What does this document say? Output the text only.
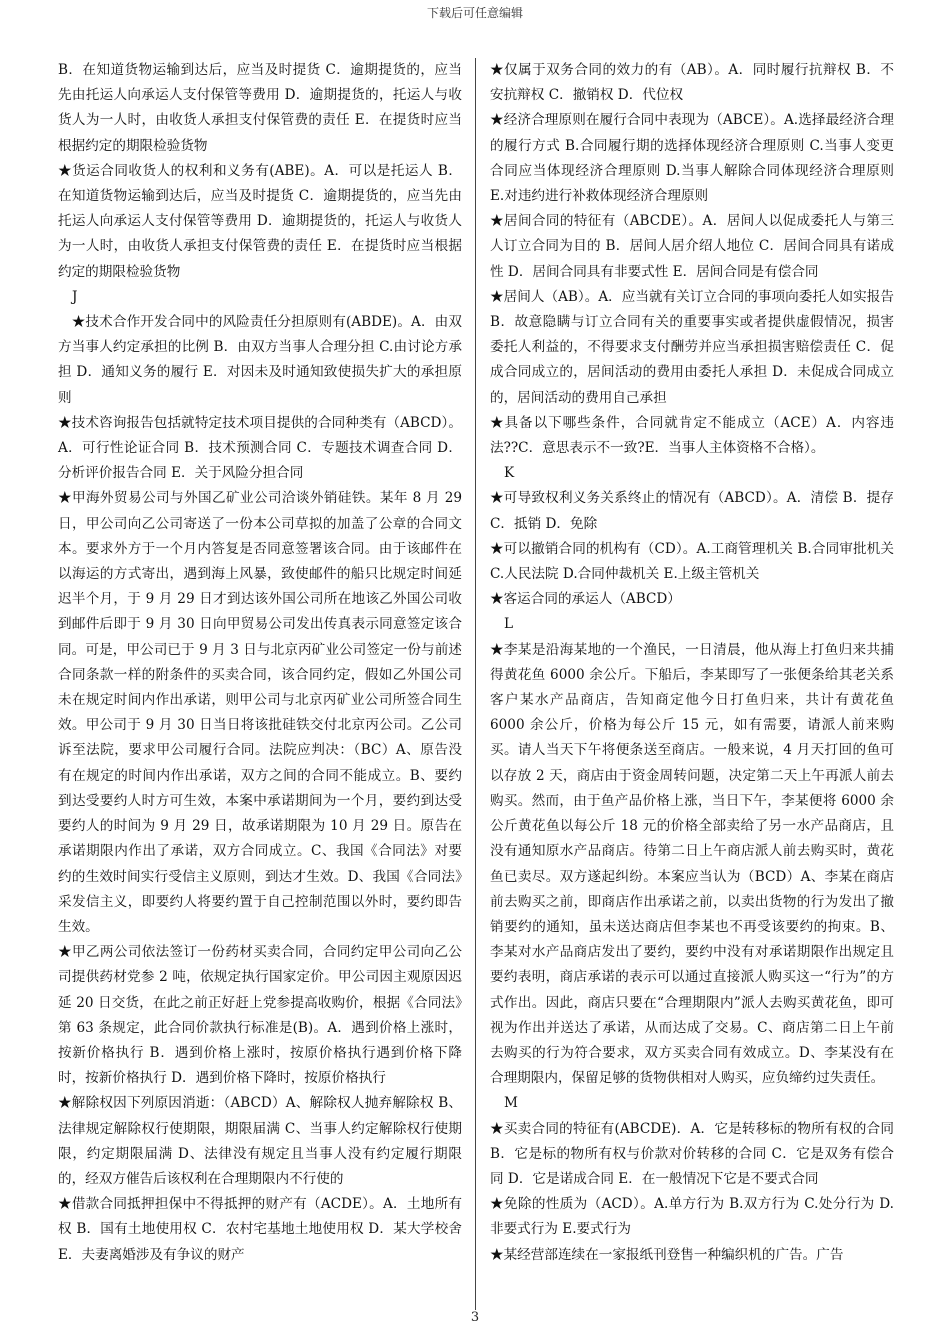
下载后可任意编辑

B．在知道货物运输到达后，应当及时提货 C．逾期提货的，应当先由托运人向承运人支付保管等费用 D．逾期提货的，托运人与收货人为一人时，由收货人承担支付保管费的责任 E．在提货时应当根据约定的期限检验货物

★货运合同收货人的权利和义务有(ABE)。A．可以是托运人 B．在知道货物运输到达后，应当及时提货 C．逾期提货的，应当先由托运人向承运人支付保管等费用 D．逾期提货的，托运人与收货人为一人时，由收货人承担支付保管费的责任 E．在提货时应当根据约定的期限检验货物

J

　★技术合作开发合同中的风险责任分担原则有(ABDE)。A．由双方当事人约定承担的比例 B．由双方当事人合理分担 C.由讨论方承担 D．通知义务的履行 E．对因未及时通知致使损失扩大的承担原则

★技术咨询报告包括就特定技术项目提供的合同种类有（ABCD）。A．可行性论证合同 B．技术预测合同 C．专题技术调查合同 D．分析评价报告合同 E．关于风险分担合同

★甲海外贸易公司与外国乙矿业公司洽谈外销硅铁。某年 8 月 29 日，甲公司向乙公司寄送了一份本公司草拟的加盖了公章的合同文本。要求外方于一个月内答复是否同意签署该合同。由于该邮件在以海运的方式寄出，遇到海上风暴，致使邮件的船只比规定时间延迟半个月，于 9 月 29 日才到达该外国公司所在地该乙外国公司收到邮件后即于 9 月 30 日向甲贸易公司发出传真表示同意签定该合同。可是，甲公司已于 9 月 3 日与北京丙矿业公司签定一份与前述合同条款一样的附条件的买卖合同，该合同约定，假如乙外国公司未在规定时间内作出承诺，则甲公司与北京丙矿业公司所签合同生效。甲公司于 9 月 30 日当日将该批硅铁交付北京丙公司。乙公司诉至法院，要求甲公司履行合同。法院应判决：（BC）A、原告没有在规定的时间内作出承诺，双方之间的合同不能成立。B、要约到达受要约人时方可生效，本案中承诺期间为一个月，要约到达受要约人的时间为 9 月 29 日，故承诺期限为 10 月 29 日。原告在承诺期限内作出了承诺，双方合同成立。C、我国《合同法》对要约的生效时间实行受信主义原则，到达才生效。D、我国《合同法》采发信主义，即要约人将要约置于自己控制范围以外时，要约即告生效。

★甲乙两公司依法签订一份药材买卖合同，合同约定甲公司向乙公司提供药材党参 2 吨，依规定执行国家定价。甲公司因主观原因迟延 20 日交货，在此之前正好赶上党参提高收购价，根据《合同法》第 63 条规定，此合同价款执行标准是(B)。A．遇到价格上涨时，按新价格执行 B．遇到价格上涨时，按原价格执行遇到价格下降时，按新价格执行 D．遇到价格下降时，按原价格执行

★解除权因下列原因消逝：（ABCD）A、解除权人抛弃解除权 B、法律规定解除权行使期限，期限届满 C、当事人约定解除权行使期限，约定期限届满 D、法律没有规定且当事人没有约定履行期限的，经双方催告后该权利在合理期限内不行使的

★借款合同抵押担保中不得抵押的财产有（ACDE）。A．土地所有权 B．国有土地使用权 C．农村宅基地土地使用权 D．某大学校舍 E．夫妻离婚涉及有争议的财产

★仅属于双务合同的效力的有（AB）。A．同时履行抗辩权 B．不安抗辩权 C．撤销权 D．代位权

★经济合理原则在履行合同中表现为（ABCE）。A.选择最经济合理的履行方式 B.合同履行期的选择体现经济合理原则 C.当事人变更合同应当体现经济合理原则 D.当事人解除合同体现经济合理原则 E.对违约进行补救体现经济合理原则

★居间合同的特征有（ABCDE）。A．居间人以促成委托人与第三人订立合同为目的 B．居间人居介绍人地位 C．居间合同具有诺成性 D．居间合同具有非要式性 E．居间合同是有偿合同

★居间人（AB）。A．应当就有关订立合同的事项向委托人如实报告 B．故意隐瞒与订立合同有关的重要事实或者提供虚假情况，损害委托人利益的，不得要求支付酬劳并应当承担损害赔偿责任 C．促成合同成立的，居间活动的费用由委托人承担 D．未促成合同成立的，居间活动的费用自己承担

★具备以下哪些条件，合同就肯定不能成立（ACE）A．内容违法??C．意思表示不一致?E．当事人主体资格不合格）。

K

★可导致权利义务关系终止的情况有（ABCD）。A．清偿 B．提存 C．抵销 D．免除

★可以撤销合同的机构有（CD）。A.工商管理机关 B.合同审批机关 C.人民法院 D.合同仲裁机关 E.上级主管机关

★客运合同的承运人（ABCD）

L

★李某是沿海某地的一个渔民，一日清晨，他从海上打鱼归来共捕得黄花鱼 6000 余公斤。下船后，李某即写了一张便条给其老关系客户某水产品商店，告知商定他今日打鱼归来，共计有黄花鱼 6000 余公斤，价格为每公斤 15 元，如有需要，请派人前来购买。请人当天下午将便条送至商店。一般来说，4 月天打回的鱼可以存放 2 天，商店由于资金周转问题，决定第二天上午再派人前去购买。然而，由于鱼产品价格上涨，当日下午，李某便将 6000 余公斤黄花鱼以每公斤 18 元的价格全部卖给了另一水产品商店，且没有通知原水产品商店。待第二日上午商店派人前去购买时，黄花鱼已卖尽。双方遂起纠纷。本案应当认为（BCD）A、李某在商店前去购买之前，即商店作出承诺之前，以卖出货物的行为发出了撤销要约的通知，虽未送达商店但李某也不再受该要约的拘束。B、李某对水产品商店发出了要约，要约中没有对承诺期限作出规定且要约表明，商店承诺的表示可以通过直接派人购买这一“行为”的方式作出。因此，商店只要在“合理期限内”派人去购买黄花鱼，即可视为作出并送达了承诺，从而达成了交易。C、商店第二日上午前去购买的行为符合要求，双方买卖合同有效成立。D、李某没有在合理期限内，保留足够的货物供相对人购买，应负缔约过失责任。

M

★买卖合同的特征有(ABCDE)．A．它是转移标的物所有权的合同 B．它是标的物所有权与价款对价转移的合同 C．它是双务有偿合同 D．它是诺成合同 E．在一般情况下它是不要式合同

★免除的性质为（ACD）。A.单方行为 B.双方行为 C.处分行为 D.非要式行为 E.要式行为

★某经营部连续在一家报纸刊登售一种编织机的广告。广告

3
